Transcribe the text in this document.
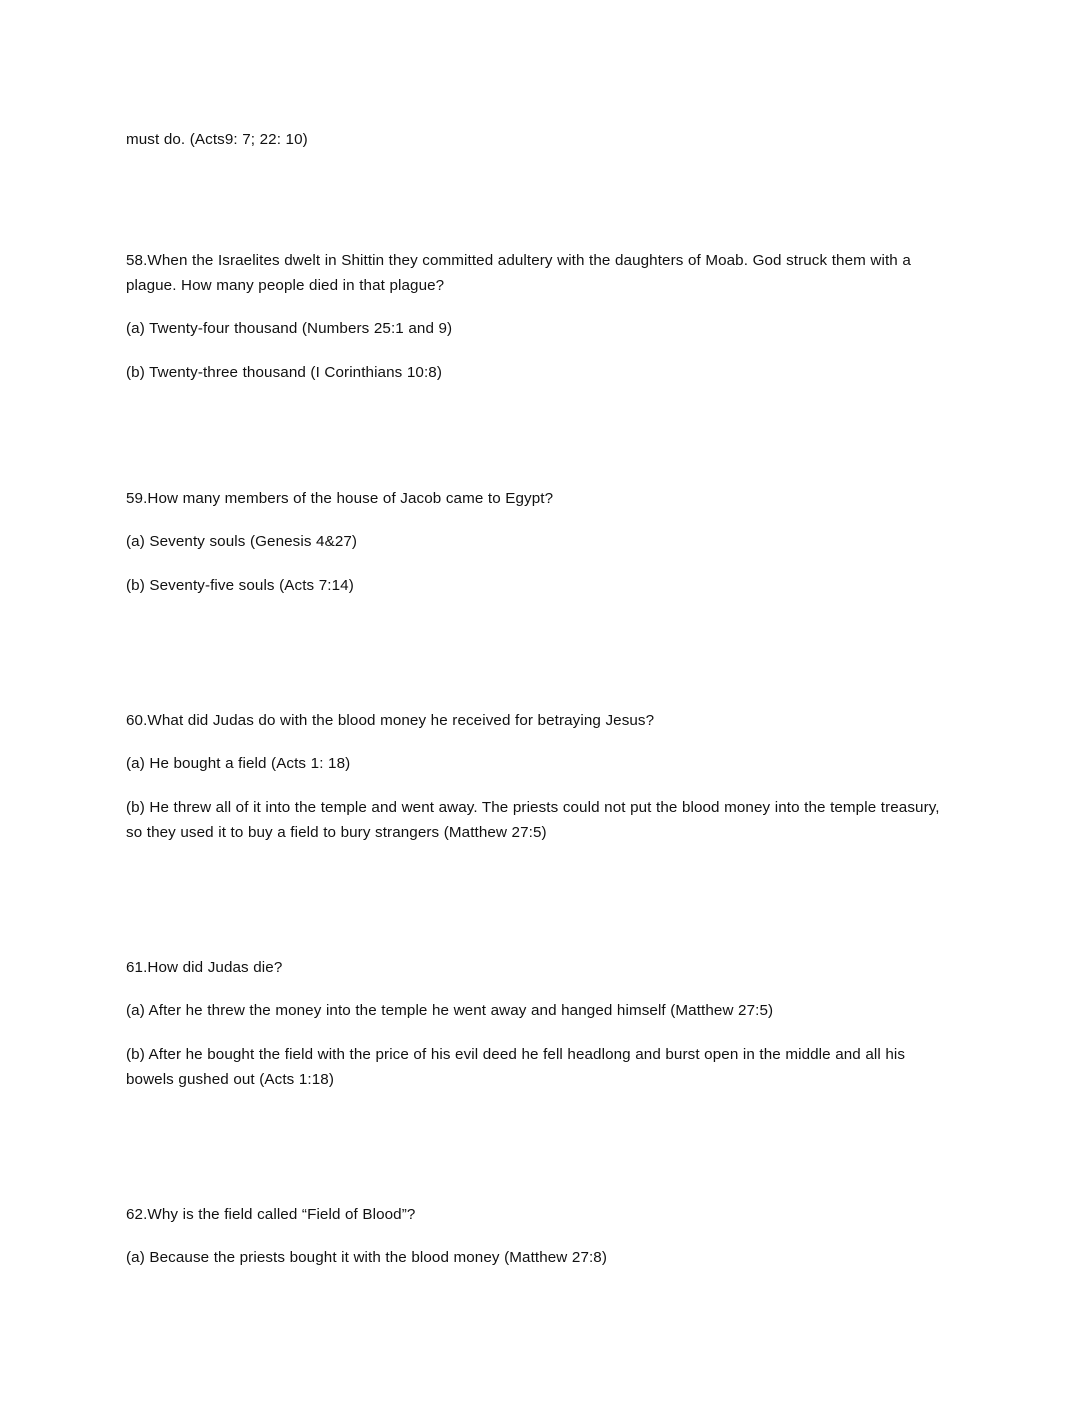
must do. (Acts9: 7; 22: 10)

58.When the Israelites dwelt in Shittin they committed adultery with the daughters of Moab. God struck them with a plague. How many people died in that plague?

(a) Twenty-four thousand (Numbers 25:1 and 9)

(b) Twenty-three thousand (I Corinthians 10:8)

59.How many members of the house of Jacob came to Egypt?

(a) Seventy souls (Genesis 4&27)

(b) Seventy-five souls (Acts 7:14)

60.What did Judas do with the blood money he received for betraying Jesus?

(a) He bought a field (Acts 1: 18)

(b) He threw all of it into the temple and went away. The priests could not put the blood money into the temple treasury, so they used it to buy a field to bury strangers (Matthew 27:5)

61.How did Judas die?

(a) After he threw the money into the temple he went away and hanged himself (Matthew 27:5)

(b) After he bought the field with the price of his evil deed he fell headlong and burst open in the middle and all his bowels gushed out (Acts 1:18)

62.Why is the field called “Field of Blood”?

(a) Because the priests bought it with the blood money (Matthew 27:8)
